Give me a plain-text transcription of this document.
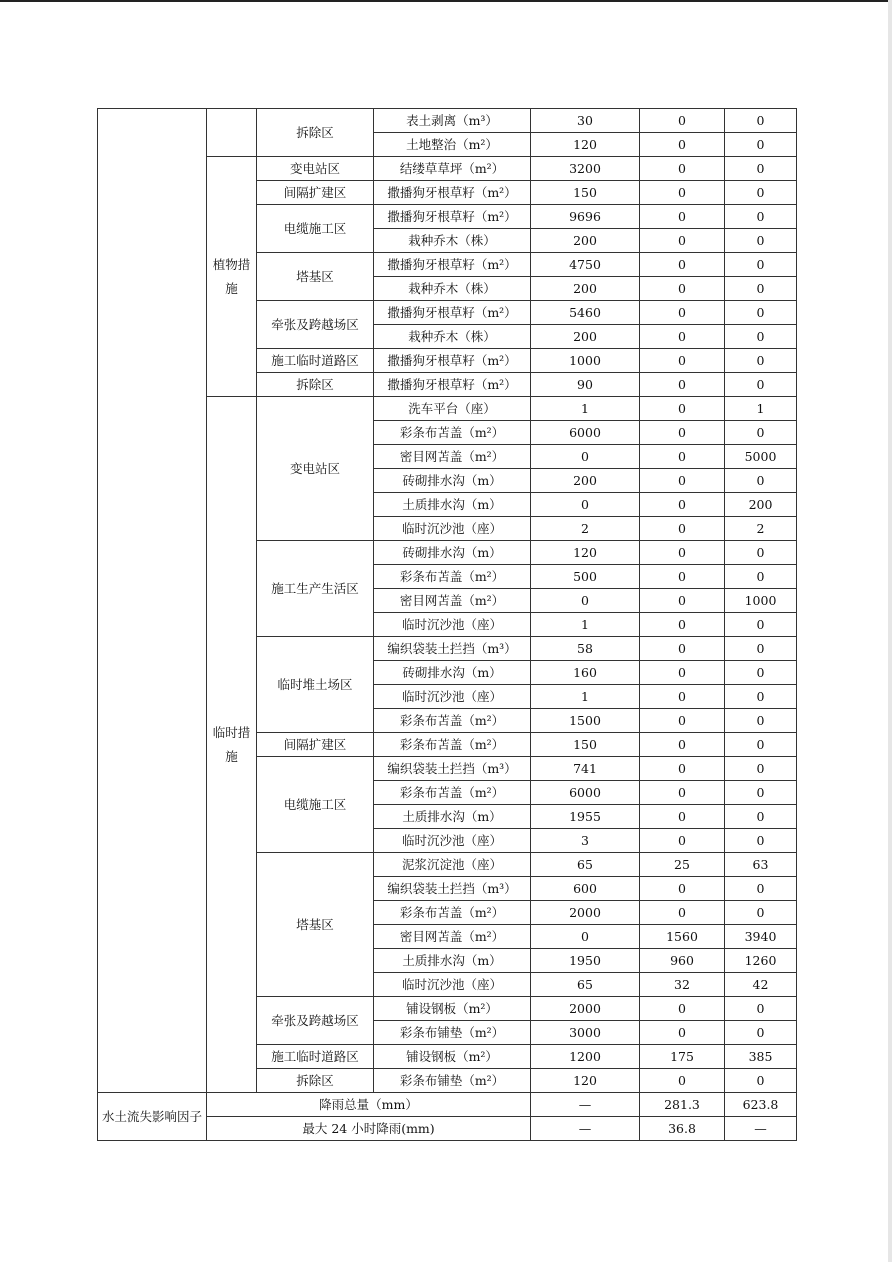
		拆除区	表土剥离（m³）	30	0	0
			土地整治（m²）	120	0	0
	植物措施	变电站区	结缕草草坪（m²）	3200	0	0
		间隔扩建区	撒播狗牙根草籽（m²）	150	0	0
		电缆施工区	撒播狗牙根草籽（m²）	9696	0	0
			栽种乔木（株）	200	0	0
		塔基区	撒播狗牙根草籽（m²）	4750	0	0
			栽种乔木（株）	200	0	0
		牵张及跨越场区	撒播狗牙根草籽（m²）	5460	0	0
			栽种乔木（株）	200	0	0
		施工临时道路区	撒播狗牙根草籽（m²）	1000	0	0
		拆除区	撒播狗牙根草籽（m²）	90	0	0
	临时措施	变电站区	洗车平台（座）	1	0	1
			彩条布苫盖（m²）	6000	0	0
			密目网苫盖（m²）	0	0	5000
			砖砌排水沟（m）	200	0	0
			土质排水沟（m）	0	0	200
			临时沉沙池（座）	2	0	2
		施工生产生活区	砖砌排水沟（m）	120	0	0
			彩条布苫盖（m²）	500	0	0
			密目网苫盖（m²）	0	0	1000
			临时沉沙池（座）	1	0	0
		临时堆土场区	编织袋装土拦挡（m³）	58	0	0
			砖砌排水沟（m）	160	0	0
			临时沉沙池（座）	1	0	0
			彩条布苫盖（m²）	1500	0	0
		间隔扩建区	彩条布苫盖（m²）	150	0	0
		电缆施工区	编织袋装土拦挡（m³）	741	0	0
			彩条布苫盖（m²）	6000	0	0
			土质排水沟（m）	1955	0	0
			临时沉沙池（座）	3	0	0
		塔基区	泥浆沉淀池（座）	65	25	63
			编织袋装土拦挡（m³）	600	0	0
			彩条布苫盖（m²）	2000	0	0
			密目网苫盖（m²）	0	1560	3940
			土质排水沟（m）	1950	960	1260
			临时沉沙池（座）	65	32	42
		牵张及跨越场区	铺设钢板（m²）	2000	0	0
			彩条布铺垫（m²）	3000	0	0
		施工临时道路区	铺设钢板（m²）	1200	175	385
		拆除区	彩条布铺垫（m²）	120	0	0
水土流失影响因子	降雨总量（mm）			—	281.3	623.8
	最大 24 小时降雨(mm)			—	36.8	—
